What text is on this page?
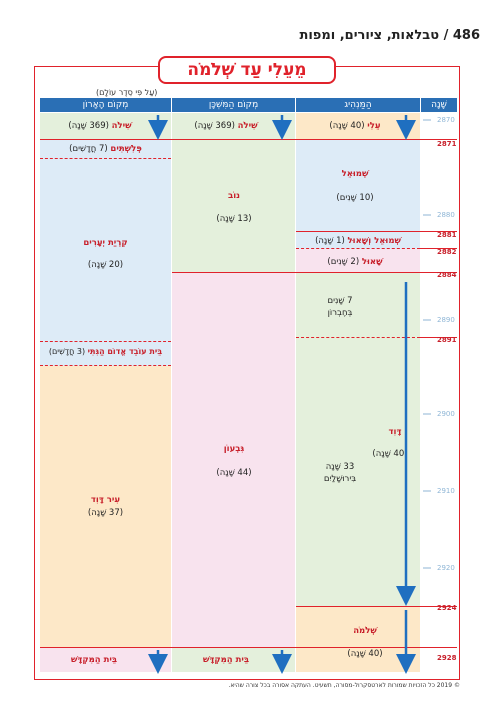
486 / טבלאות, ציורים, ומפות
מֵעֵלִי עַד שְׁלֹמֹה
(עַל פִּי סֵדֶר עוֹלָם)
שָׁנָה
הַמַּנְהִיג
מְקוֹם הַמִּשְׁכָּן
מְקוֹם הָאָרוֹן
2870
2871
2880
2881
2882
2884
2890
2891
2900
2910
2920
2924
2928
עֵלִי (40 שָׁנָה)
שְׁמוּאֵל
(10 שָׁנִים)
שְׁמוּאֵל וְשָׁאוּל (1 שָׁנָה)
שָׁאוּל (2 שָׁנִים)
7 שָׁנִים
בְּחֶבְרוֹן
דָּוִד
(40 שָׁנָה)
33 שָׁנָה
בִּירוּשָׁלַיִם
שְׁלֹמֹה
(40 שָׁנָה)
שִׁילֹה (369 שָׁנָה)
נוֹב
(13 שָׁנָה)
גִּבְעוֹן
(44 שָׁנָה)
בֵּית הַמִּקְדָּשׁ
שִׁילֹה (369 שָׁנָה)
פְּלִשְׁתִּים (7 חֳדָשִׁים)
קִרְיַת יְעָרִים
(20 שָׁנָה)
בֵּית עוֹבֵד אֱדוֹם הַגִּתִּי (3 חֳדָשִׁים)
עִיר דָּוִד
(37 שָׁנָה)
בֵּית הַמִּקְדָּשׁ
© 2019 כל הזכויות שמורות לארטסקרול-מסורה, תשעיט. העתקה אסורה בכל צורה שהיא.
